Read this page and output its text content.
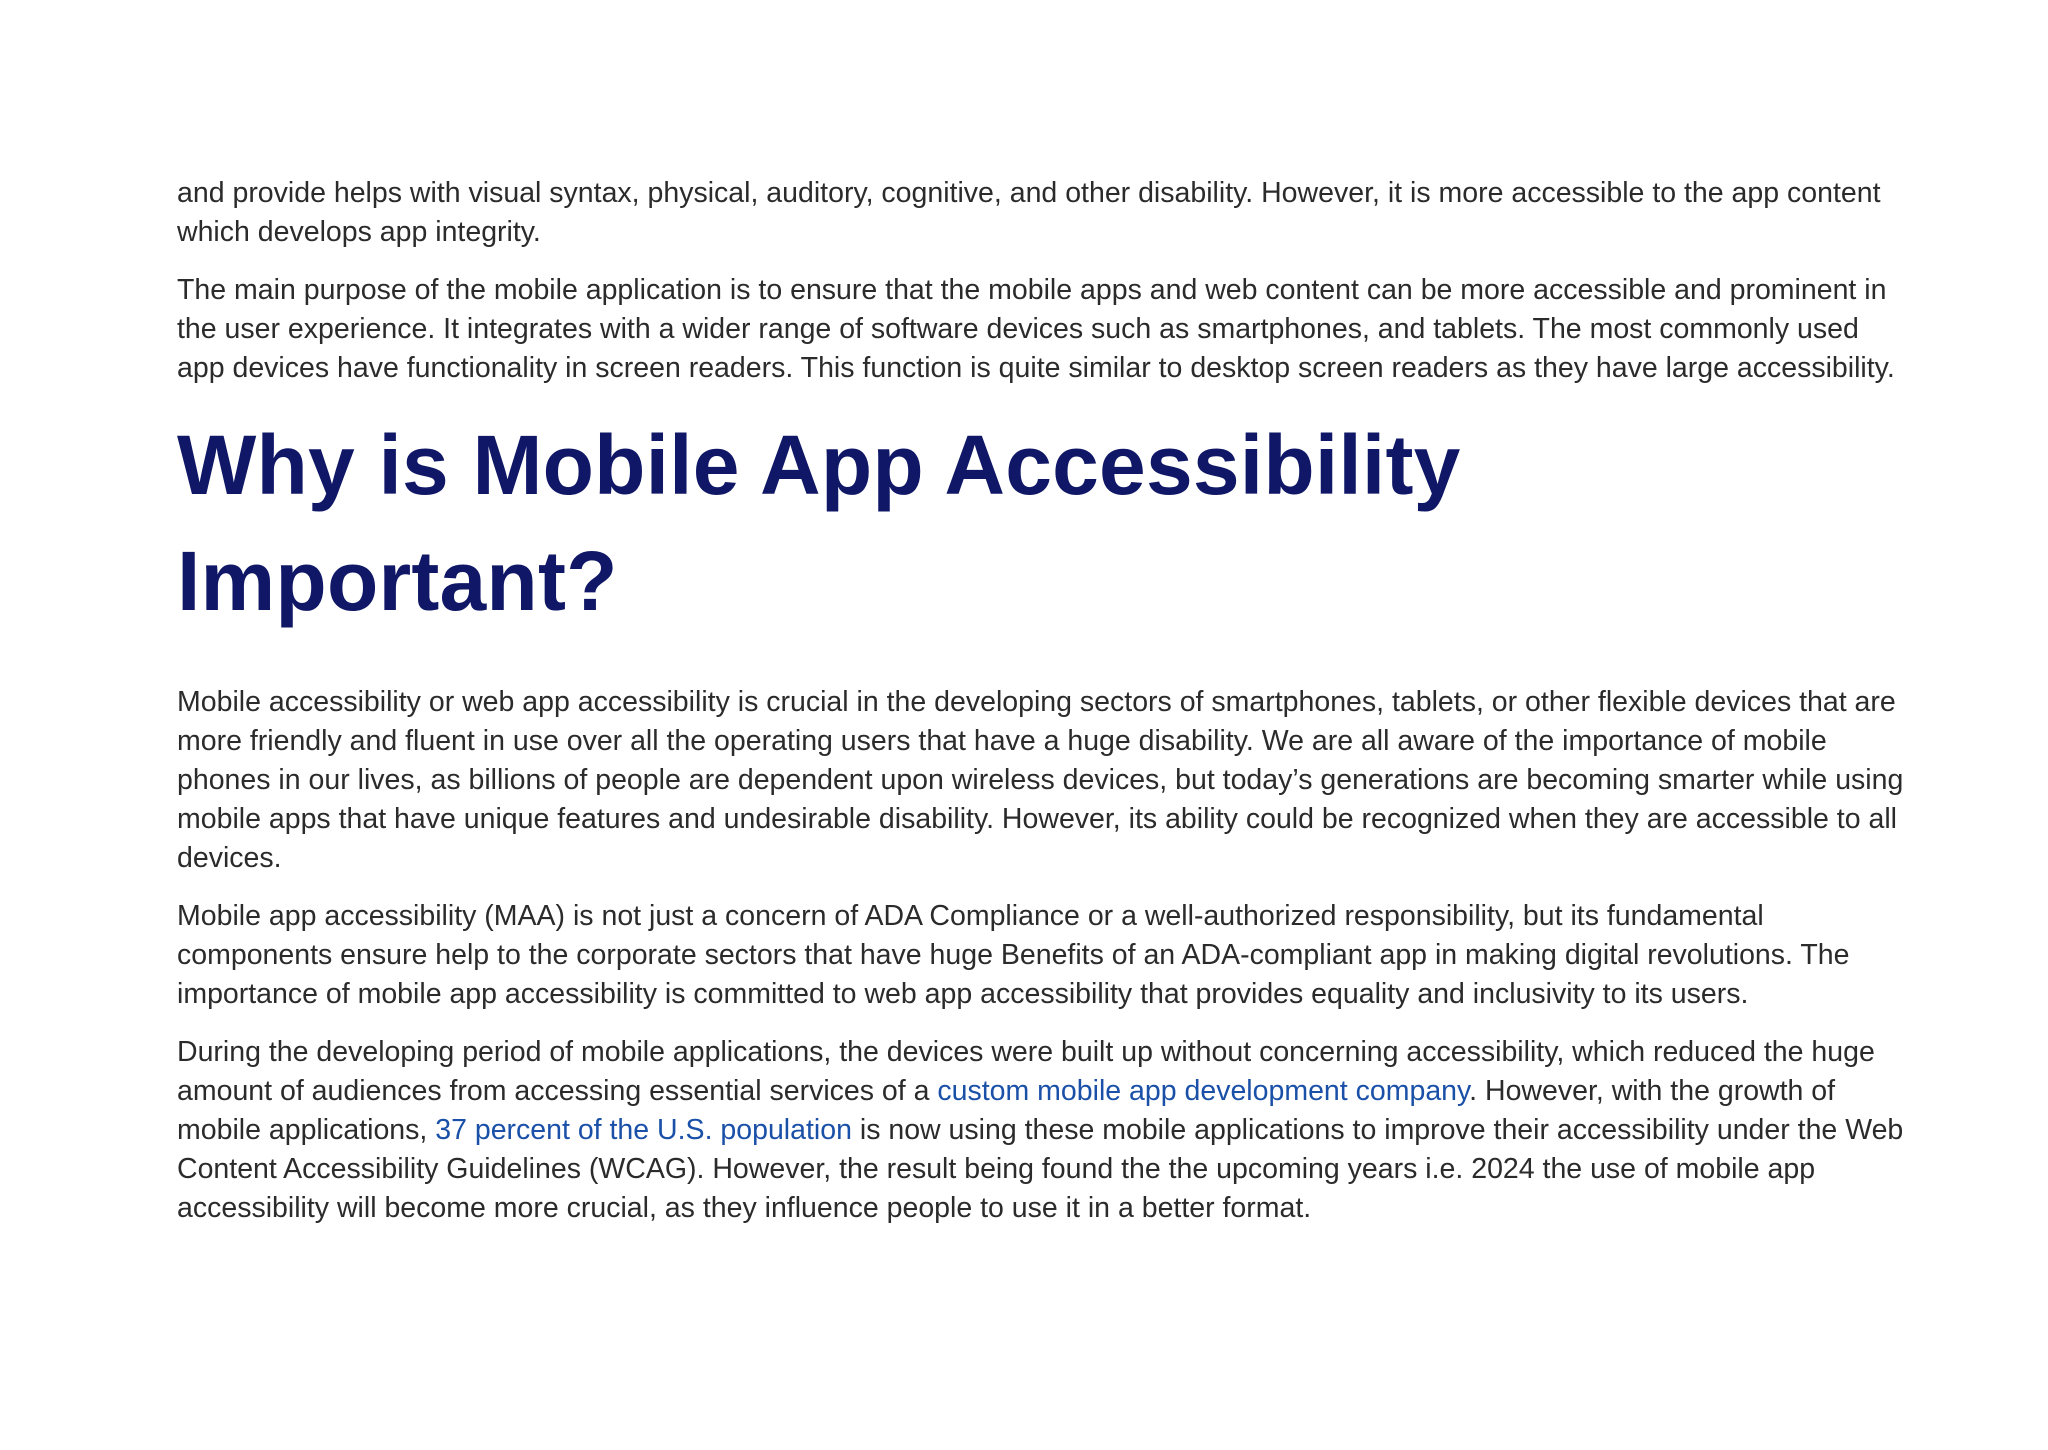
and provide helps with visual syntax, physical, auditory, cognitive, and other disability. However, it is more accessible to the app content which develops app integrity.

The main purpose of the mobile application is to ensure that the mobile apps and web content can be more accessible and prominent in the user experience. It integrates with a wider range of software devices such as smartphones, and tablets. The most commonly used app devices have functionality in screen readers. This function is quite similar to desktop screen readers as they have large accessibility.

Why is Mobile App Accessibility Important?

Mobile accessibility or web app accessibility is crucial in the developing sectors of smartphones, tablets, or other flexible devices that are more friendly and fluent in use over all the operating users that have a huge disability. We are all aware of the importance of mobile phones in our lives, as billions of people are dependent upon wireless devices, but today’s generations are becoming smarter while using mobile apps that have unique features and undesirable disability. However, its ability could be recognized when they are accessible to all devices.

Mobile app accessibility (MAA) is not just a concern of ADA Compliance or a well-authorized responsibility, but its fundamental components ensure help to the corporate sectors that have huge Benefits of an ADA-compliant app in making digital revolutions. The importance of mobile app accessibility is committed to web app accessibility that provides equality and inclusivity to its users.

During the developing period of mobile applications, the devices were built up without concerning accessibility, which reduced the huge amount of audiences from accessing essential services of a custom mobile app development company. However, with the growth of mobile applications, 37 percent of the U.S. population is now using these mobile applications to improve their accessibility under the Web Content Accessibility Guidelines (WCAG). However, the result being found the the upcoming years i.e. 2024 the use of mobile app accessibility will become more crucial, as they influence people to use it in a better format.
